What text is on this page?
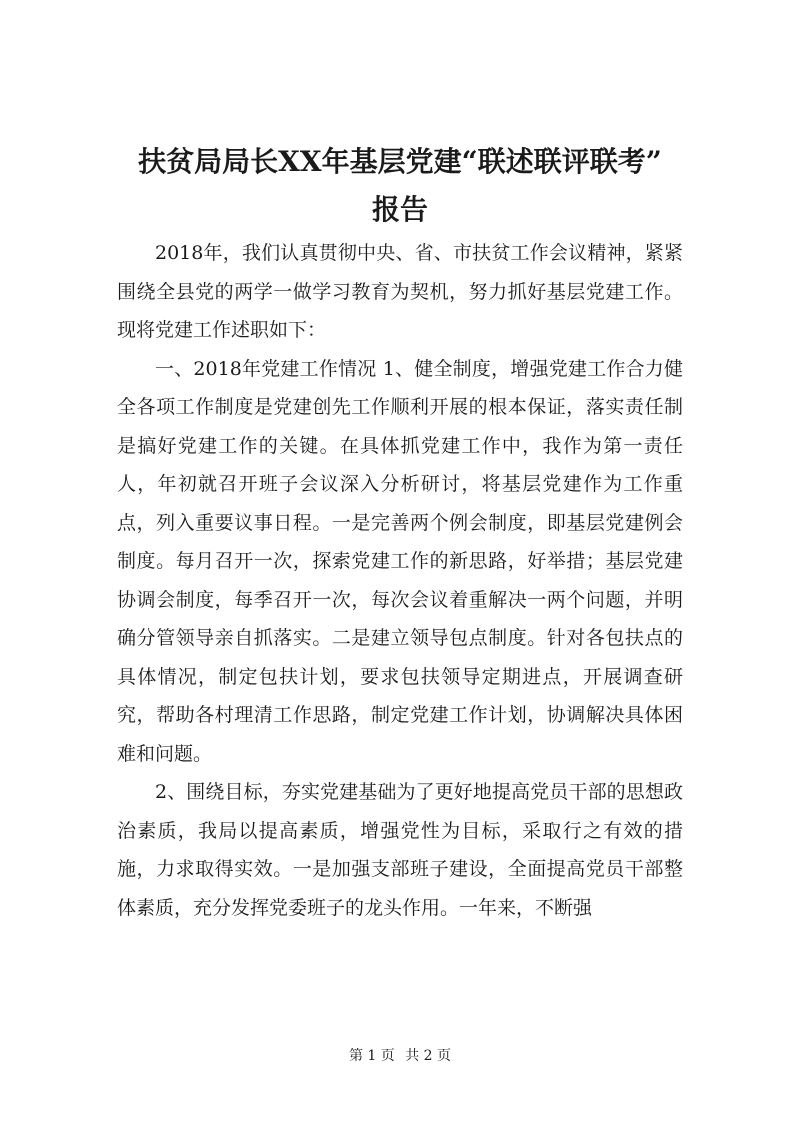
扶贫局局长XX年基层党建“联述联评联考”
报告

2018年，我们认真贯彻中央、省、市扶贫工作会议精神，紧紧围绕全县党的两学一做学习教育为契机，努力抓好基层党建工作。现将党建工作述职如下：

一、2018年党建工作情况 1、健全制度，增强党建工作合力健全各项工作制度是党建创先工作顺利开展的根本保证，落实责任制是搞好党建工作的关键。在具体抓党建工作中，我作为第一责任人，年初就召开班子会议深入分析研讨，将基层党建作为工作重点，列入重要议事日程。一是完善两个例会制度，即基层党建例会制度。每月召开一次，探索党建工作的新思路，好举措；基层党建协调会制度，每季召开一次，每次会议着重解决一两个问题，并明确分管领导亲自抓落实。二是建立领导包点制度。针对各包扶点的具体情况，制定包扶计划，要求包扶领导定期进点，开展调查研究，帮助各村理清工作思路，制定党建工作计划，协调解决具体困难和问题。

2、围绕目标，夯实党建基础为了更好地提高党员干部的思想政治素质，我局以提高素质，增强党性为目标，采取行之有效的措施，力求取得实效。一是加强支部班子建设，全面提高党员干部整体素质，充分发挥党委班子的龙头作用。一年来，不断强

第 1 页 共 2 页
